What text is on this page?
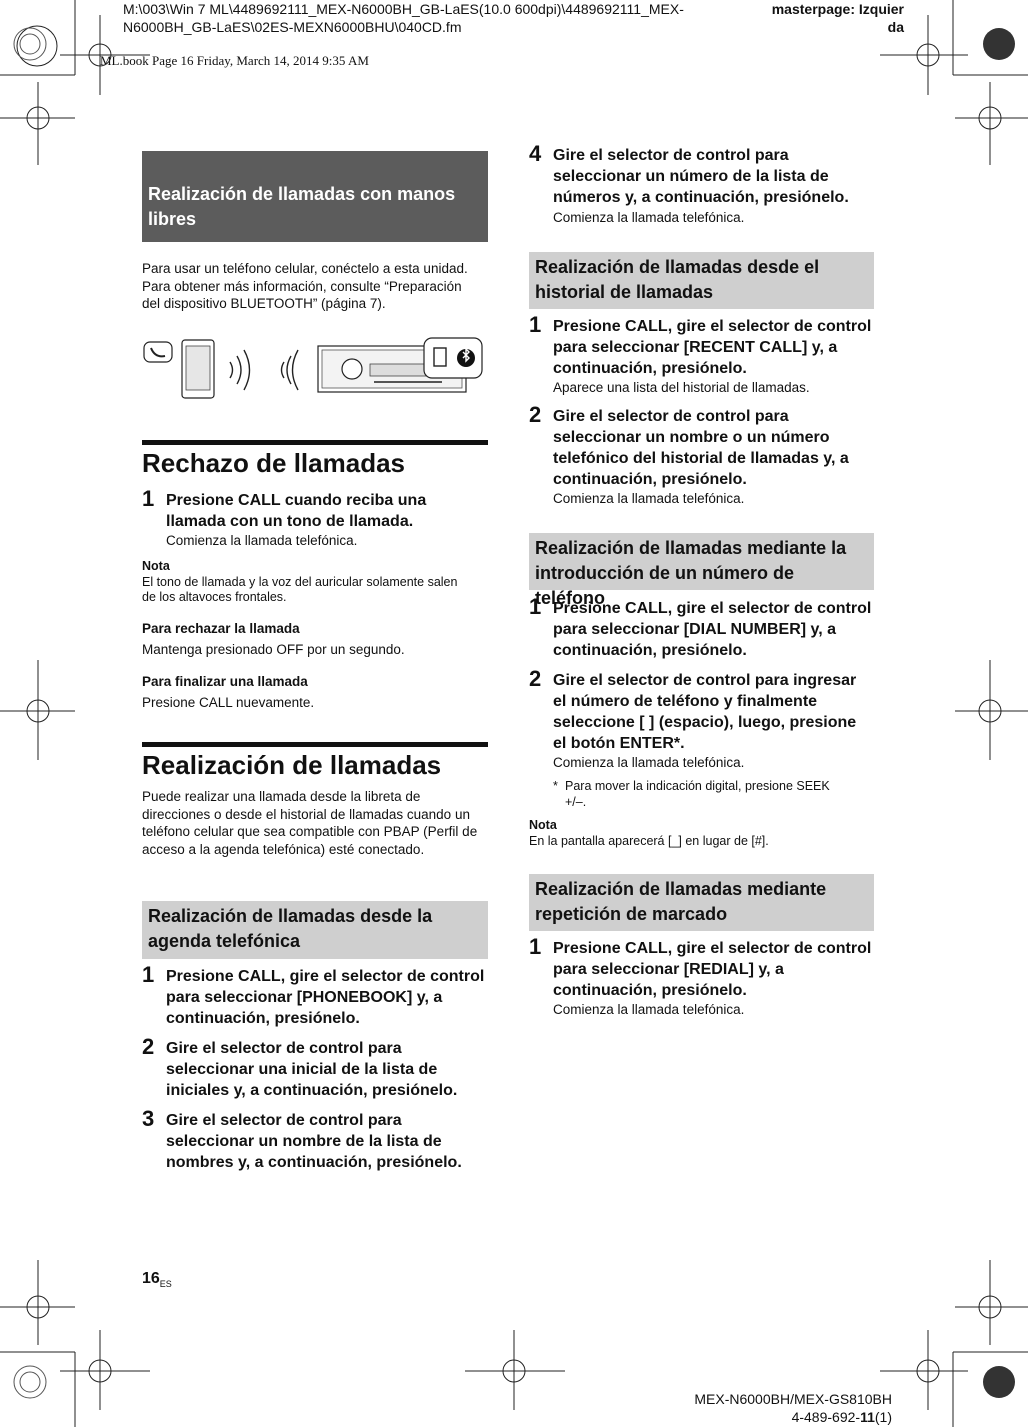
M:\003\Win 7 ML\4489692111_MEX-N6000BH_GB-LaES(10.0 600dpi)\4489692111_MEX-N6000BH_GB-LaES\02ES-MEXN6000BHU\040CD.fm
masterpage: Izquier
da
ML.book Page 16 Friday, March 14, 2014 9:35 AM
Realización de llamadas con manos libres

Para usar un teléfono celular, conéctelo a esta unidad. Para obtener más información, consulte “Preparación del dispositivo BLUETOOTH” (página 7).

Rechazo de llamadas
1 Presione CALL cuando reciba una llamada con un tono de llamada.
Comienza la llamada telefónica.
Nota
El tono de llamada y la voz del auricular solamente salen de los altavoces frontales.
Para rechazar la llamada
Mantenga presionado OFF por un segundo.
Para finalizar una llamada
Presione CALL nuevamente.
Realización de llamadas

Puede realizar una llamada desde la libreta de direcciones o desde el historial de llamadas cuando un teléfono celular que sea compatible con PBAP (Perfil de acceso a la agenda telefónica) esté conectado.

Realización de llamadas desde la agenda telefónica
1 Presione CALL, gire el selector de control para seleccionar [PHONEBOOK] y, a continuación, presiónelo.
2 Gire el selector de control para seleccionar una inicial de la lista de iniciales y, a continuación, presiónelo.
3 Gire el selector de control para seleccionar un nombre de la lista de nombres y, a continuación, presiónelo.
4 Gire el selector de control para seleccionar un número de la lista de números y, a continuación, presiónelo.
Comienza la llamada telefónica.
Realización de llamadas desde el historial de llamadas
1 Presione CALL, gire el selector de control para seleccionar [RECENT CALL] y, a continuación, presiónelo.
Aparece una lista del historial de llamadas.
2 Gire el selector de control para seleccionar un nombre o un número telefónico del historial de llamadas y, a continuación, presiónelo.
Comienza la llamada telefónica.
Realización de llamadas mediante la introducción de un número de teléfono
1 Presione CALL, gire el selector de control para seleccionar [DIAL NUMBER] y, a continuación, presiónelo.
2 Gire el selector de control para ingresar el número de teléfono y finalmente seleccione [ ] (espacio), luego, presione el botón ENTER*.
Comienza la llamada telefónica.
* Para mover la indicación digital, presione SEEK +/–.
Nota
En la pantalla aparecerá [_] en lugar de [#].
Realización de llamadas mediante repetición de marcado
1 Presione CALL, gire el selector de control para seleccionar [REDIAL] y, a continuación, presiónelo.
Comienza la llamada telefónica.
$16_{ES}$
MEX-N6000BH/MEX-GS810BH
4-489-692-11(1)
